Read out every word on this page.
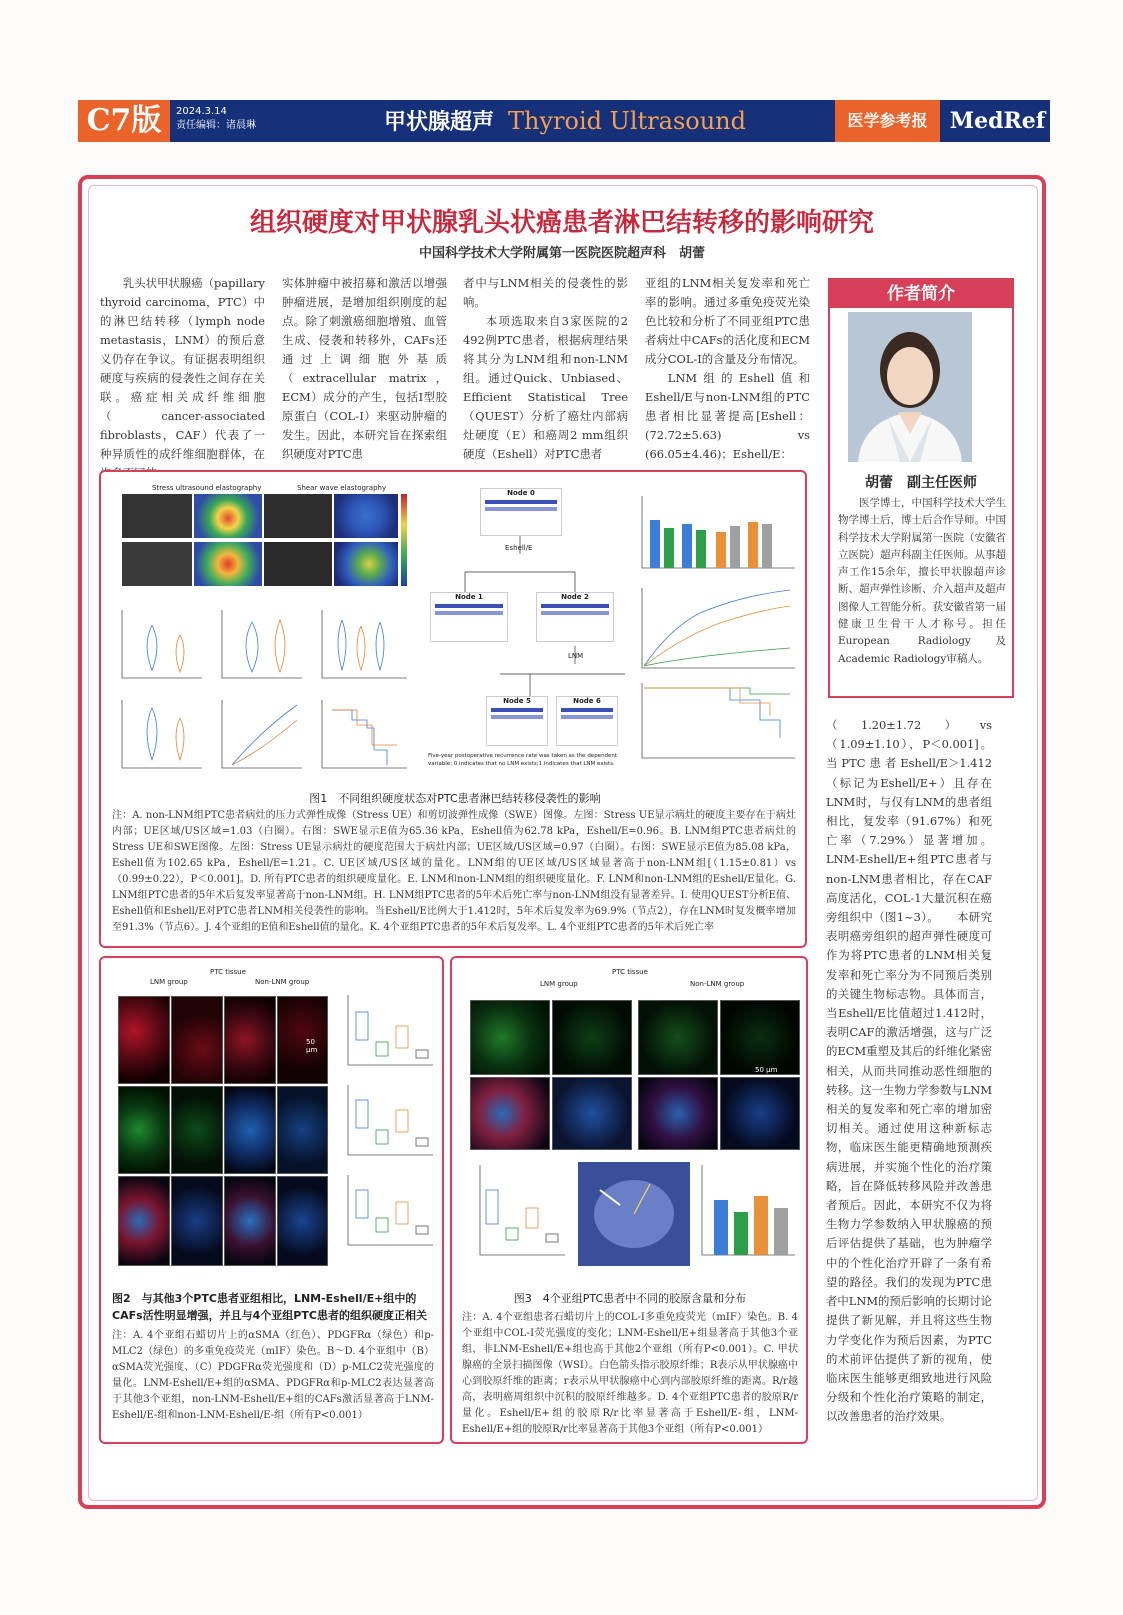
C7版	2024.3.14
责任编辑：诸晨琳	甲状腺超声 Thyroid Ultrasound	医学参考报	MedRef
组织硬度对甲状腺乳头状癌患者淋巴结转移的影响研究
中国科学技术大学附属第一医院医院超声科　胡蕾
乳头状甲状腺癌（papillary thyroid carcinoma，PTC）中的淋巴结转移（lymph node metastasis，LNM）的预后意义仍存在争议。有证据表明组织硬度与疾病的侵袭性之间存在关联。癌症相关成纤维细胞（cancer-associated fibroblasts，CAF）代表了一种异质性的成纤维细胞群体，在
实体肿瘤中被招募和激活以增强肿瘤进展，是增加组织刚度的起点。除了刺激癌细胞增殖、血管生成、侵袭和转移外，CAFs还通过上调细胞外基质（extracellular matrix，ECM）成分的产生，包括Ⅰ型胶原蛋白（COL-Ⅰ）来驱动肿瘤的发生。因此，本研究旨在探索组织硬度对PTC患

者中与LNM相关的侵袭性的影响。

本项选取来自3家医院的2 492例PTC患者，根据病理结果将其分为LNM组和non-LNM组。通过Quick、Unbiased、Efficient Statistical Tree（QUEST）分析了癌灶内部病灶硬度（E）和癌周2 mm组织硬度（Eshell）对PTC患者

亚组的LNM相关复发率和死亡率的影响。通过多重免疫荧光染色比较和分析了不同亚组PTC患者病灶中CAFs的活化度和ECM成分COL-Ⅰ的含量及分布情况。

LNM组的Eshell值和Eshell/E与non-LNM组的PTC患者相比显著提高[Eshell：(72.72±5.63) vs (66.05±4.46)；Eshell/E：

作者简介
胡蕾　副主任医师
医学博士，中国科学技术大学生物学博士后，博士后合作导师。中国科学技术大学附属第一医院（安徽省立医院）超声科副主任医师。从事超声工作15余年，擅长甲状腺超声诊断、超声弹性诊断、介入超声及超声图像人工智能分析。获安徽省第一届健康卫生骨干人才称号。担任European Radiology及Academic Radiology审稿人。
（1.20±1.72）vs（1.09±1.10），P＜0.001]。当PTC患者Eshell/E＞1.412（标记为Eshell/E+）且存在LNM时，与仅有LNM的患者组相比，复发率（91.67%）和死亡率（7.29%）显著增加。LNM-Eshell/E+组PTC患者与non-LNM患者相比，存在CAF高度活化，COL-1大量沉积在癌旁组织中（图1~3）。　　本研究表明癌旁组织的超声弹性硬度可作为将PTC患者的LNM相关复发率和死亡率分为不同预后类别的关键生物标志物。具体而言，当Eshell/E比值超过1.412时，表明CAF的激活增强，这与广泛的ECM重塑及其后的纤维化紧密相关，从而共同推动恶性细胞的转移。这一生物力学参数与LNM相关的复发率和死亡率的增加密切相关。通过使用这种新标志物，临床医生能更精确地预测疾病进展，并实施个性化的治疗策略，旨在降低转移风险并改善患者预后。因此，本研究不仅为将生物力学参数纳入甲状腺癌的预后评估提供了基础，也为肿瘤学中的个性化治疗开辟了一条有希望的路径。我们的发现为PTC患者中LNM的预后影响的长期讨论提供了新见解，并且将这些生物力学变化作为预后因素，为PTC的术前评估提供了新的视角，使临床医生能够更细致地进行风险分级和个性化治疗策略的制定，以改善患者的治疗效果。
Stress ultrasound elastography	Shear wave elastography
Node 0
Eshell/E
Node 1	Node 2
LNM
Node 5	Node 6
Five-year postoperative recurrence rate was taken as the dependent variable; 0 indicates that no LNM exists;1 indicates that LNM exists.
图1　不同组织硬度状态对PTC患者淋巴结转移侵袭性的影响
注：A. non-LNM组PTC患者病灶的压力式弹性成像（Stress UE）和剪切波弹性成像（SWE）图像。左图：Stress UE显示病灶的硬度主要存在于病灶内部；UE区域/US区域=1.03（白圈）。右图：SWE显示E值为65.36 kPa，Eshell值为62.78 kPa，Eshell/E=0.96。B. LNM组PTC患者病灶的Stress UE和SWE图像。左图：Stress UE显示病灶的硬度范围大于病灶内部；UE区域/US区域=0.97（白圈）。右图：SWE显示E值为85.08 kPa，Eshell值为102.65 kPa，Eshell/E=1.21。C. UE区域/US区域的量化。LNM组的UE区域/US区域显著高于non-LNM组[（1.15±0.81）vs（0.99±0.22），P＜0.001]。D. 所有PTC患者的组织硬度量化。E. LNM和non-LNM组的组织硬度量化。F. LNM和non-LNM组的Eshell/E量化。G. LNM组PTC患者的5年术后复发率显著高于non-LNM组。H. LNM组PTC患者的5年术后死亡率与non-LNM组没有显著差异。I. 使用QUEST分析E值、Eshell值和Eshell/E对PTC患者LNM相关侵袭性的影响。当Eshell/E比例大于1.412时，5年术后复发率为69.9%（节点2），存在LNM时复发概率增加至91.3%（节点6）。J. 4个亚组的E值和Eshell值的量化。K. 4个亚组PTC患者的5年术后复发率。L. 4个亚组PTC患者的5年术后死亡率
PTC tissue
LNM group	Non-LNM group
50 μm
图2　与其他3个PTC患者亚组相比，LNM-Eshell/E+组中的CAFs活性明显增强，并且与4个亚组PTC患者的组织硬度正相关
注：A. 4个亚组石蜡切片上的αSMA（红色）、PDGFRα（绿色）和p-MLC2（绿色）的多重免疫荧光（mIF）染色。B～D. 4个亚组中（B）αSMA荧光强度、（C）PDGFRα荧光强度和（D）p-MLC2荧光强度的量化。LNM-Eshell/E+组的αSMA、PDGFRα和p-MLC2表达显著高于其他3个亚组，non-LNM-Eshell/E+组的CAFs激活显著高于LNM-Eshell/E-组和non-LNM-Eshell/E-组（所有P<0.001）
PTC tissue
LNM group	Non-LNM group
50 μm
图3　4个亚组PTC患者中不同的胶原含量和分布
注：A. 4个亚组患者石蜡切片上的COL-Ⅰ多重免疫荧光（mIF）染色。B. 4个亚组中COL-Ⅰ荧光强度的变化；LNM-Eshell/E+组显著高于其他3个亚组，非LNM-Eshell/E+组也高于其他2个亚组（所有P<0.001）。C. 甲状腺癌的全景扫描图像（WSI）。白色箭头指示胶原纤维；R表示从甲状腺癌中心到胶原纤维的距离；r表示从甲状腺癌中心到内部胶原纤维的距离。R/r越高，表明癌周组织中沉积的胶原纤维越多。D. 4个亚组PTC患者的胶原R/r量化。Eshell/E+组的胶原R/r比率显著高于Eshell/E-组，LNM-Eshell/E+组的胶原R/r比率显著高于其他3个亚组（所有P<0.001）
